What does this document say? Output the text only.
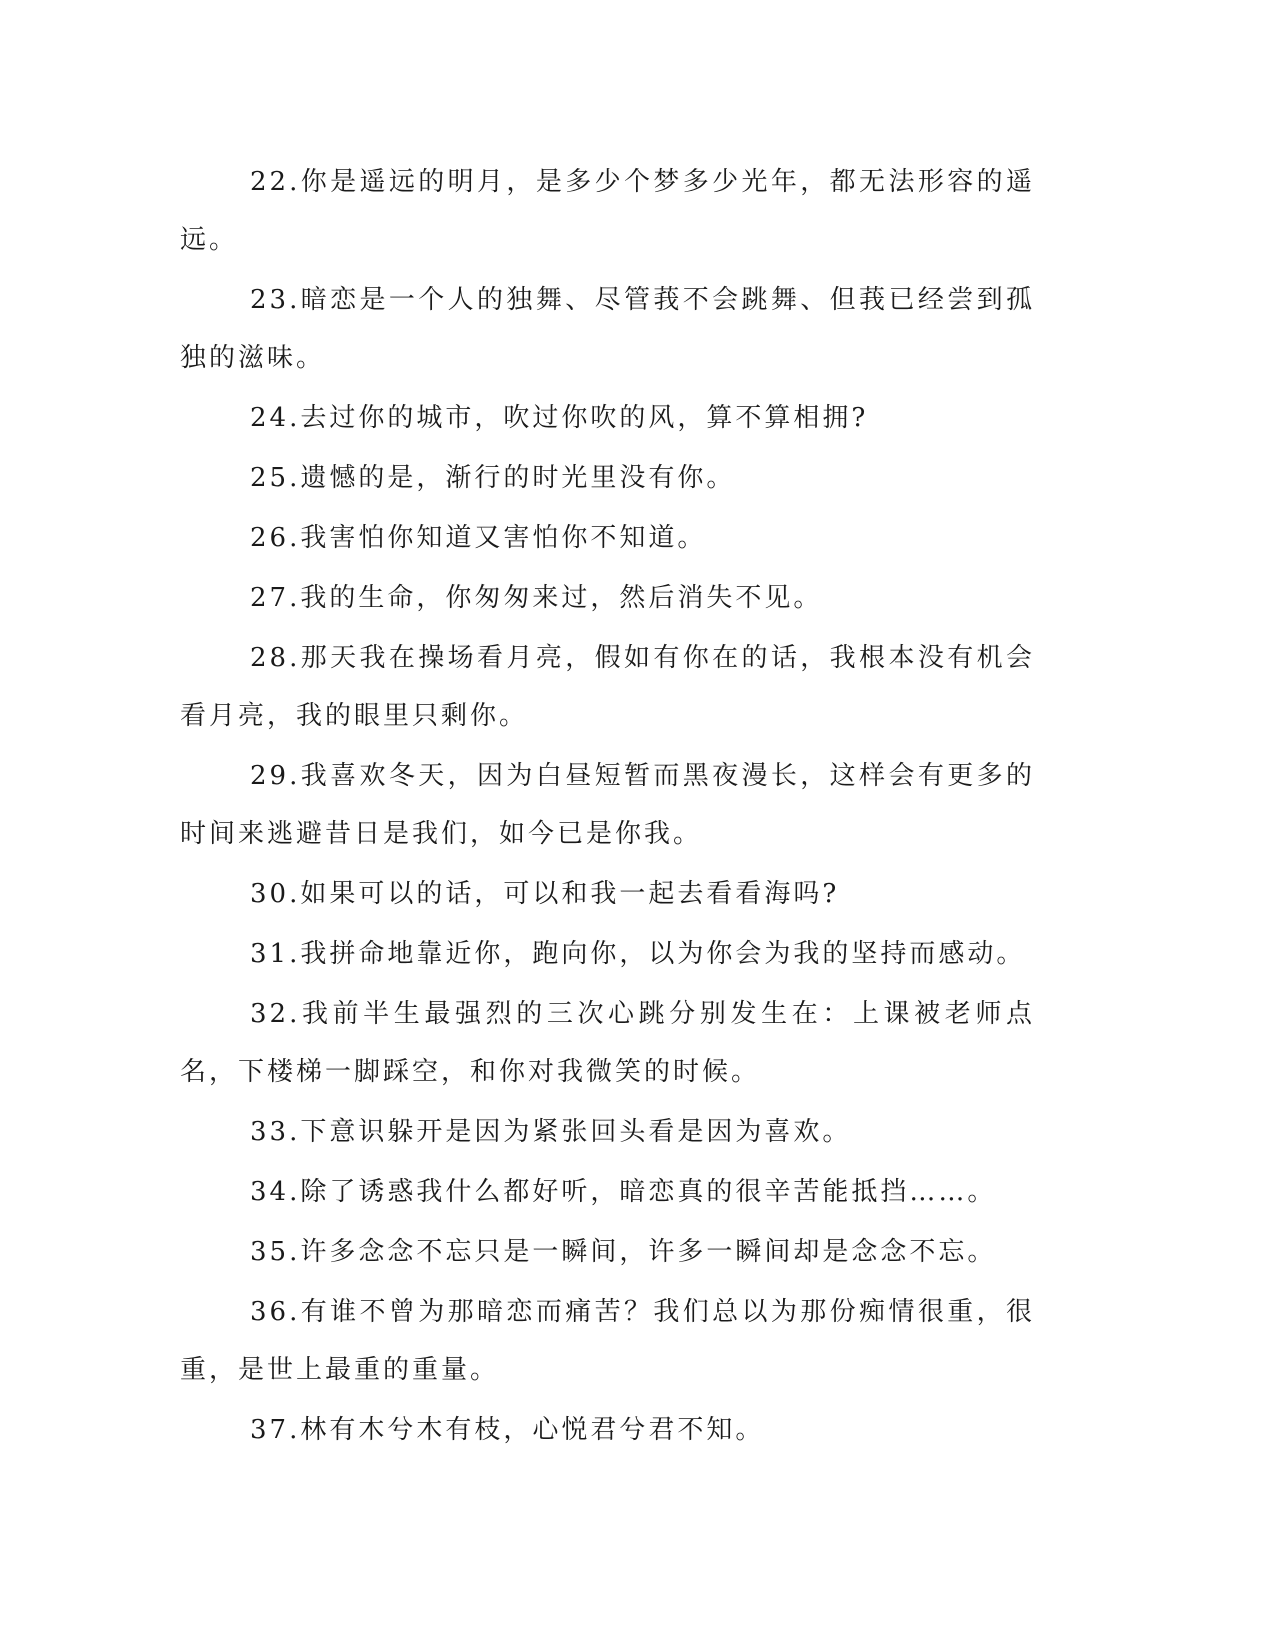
22.你是遥远的明月，是多少个梦多少光年，都无法形容的遥远。

23.暗恋是一个人的独舞、尽管莪不会跳舞、但莪已经尝到孤独的滋味。

24.去过你的城市，吹过你吹的风，算不算相拥?

25.遗憾的是，渐行的时光里没有你。

26.我害怕你知道又害怕你不知道。

27.我的生命，你匆匆来过，然后消失不见。

28.那天我在操场看月亮，假如有你在的话，我根本没有机会看月亮，我的眼里只剩你。

29.我喜欢冬天，因为白昼短暂而黑夜漫长，这样会有更多的时间来逃避昔日是我们，如今已是你我。

30.如果可以的话，可以和我一起去看看海吗?

31.我拼命地靠近你，跑向你，以为你会为我的坚持而感动。

32.我前半生最强烈的三次心跳分别发生在：上课被老师点名，下楼梯一脚踩空，和你对我微笑的时候。

33.下意识躲开是因为紧张回头看是因为喜欢。

34.除了诱惑我什么都好听，暗恋真的很辛苦能抵挡……。

35.许多念念不忘只是一瞬间，许多一瞬间却是念念不忘。

36.有谁不曾为那暗恋而痛苦？我们总以为那份痴情很重，很重，是世上最重的重量。

37.林有木兮木有枝，心悦君兮君不知。
